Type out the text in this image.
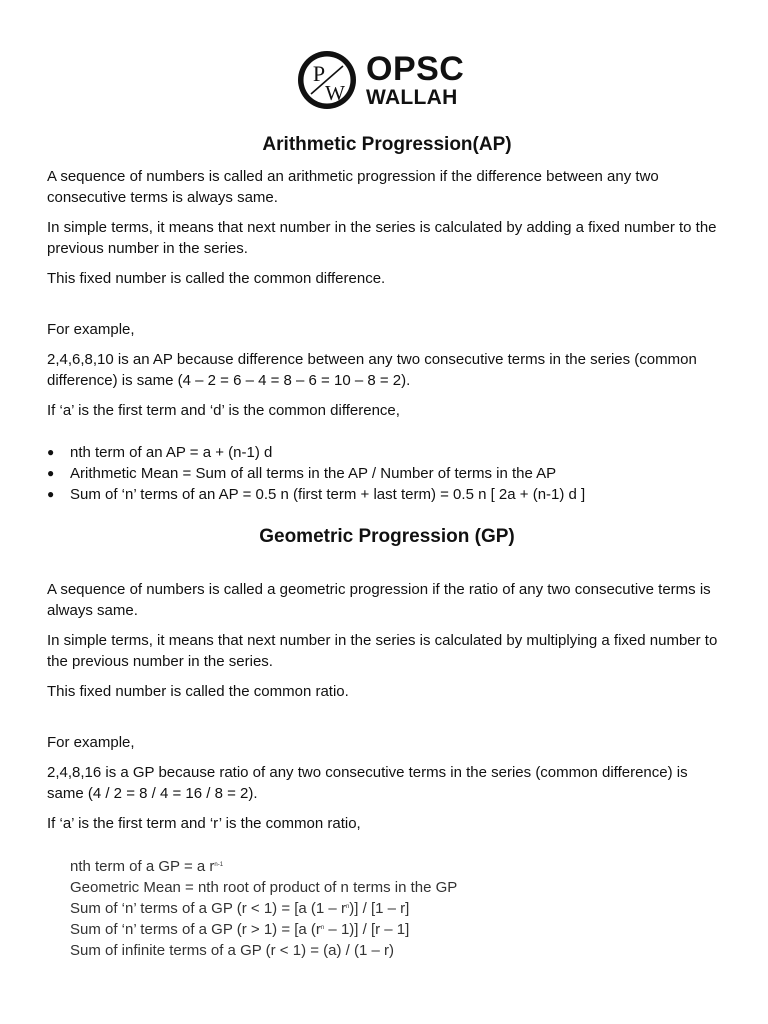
P
W
OPSC
WALLAH
Arithmetic Progression(AP)

A sequence of numbers is called an arithmetic progression if the difference between any two consecutive terms is always same.

In simple terms, it means that next number in the series is calculated by adding a fixed number to the previous number in the series.

This fixed number is called the common difference.

For example,

2,4,6,8,10 is an AP because difference between any two consecutive terms in the series (common difference) is same (4 – 2 = 6 – 4 = 8 – 6 = 10 – 8 = 2).

If ‘a’ is the first term and ‘d’ is the common difference,

● nth term of an AP = a + (n-1) d
● Arithmetic Mean = Sum of all terms in the AP / Number of terms in the AP
● Sum of ‘n’ terms of an AP = 0.5 n (first term + last term) = 0.5 n [ 2a + (n-1) d ]
Geometric Progression (GP)

A sequence of numbers is called a geometric progression if the ratio of any two consecutive terms is always same.

In simple terms, it means that next number in the series is calculated by multiplying a fixed number to the previous number in the series.

This fixed number is called the common ratio.

For example,

2,4,8,16 is a GP because ratio of any two consecutive terms in the series (common difference) is same (4 / 2 = 8 / 4 = 16 / 8 = 2).

If ‘a’ is the first term and ‘r’ is the common ratio,

nth term of a GP = a $r^{n-1}$
Geometric Mean = nth root of product of n terms in the GP
Sum of ‘n’ terms of a GP (r < 1) = [a $(1 - r^n)] / [1 - r]$
Sum of ‘n’ terms of a GP (r > 1) = [a $(r^n - 1)] / [r - 1]$
Sum of infinite terms of a GP (r < 1) = (a) / (1 – r)
